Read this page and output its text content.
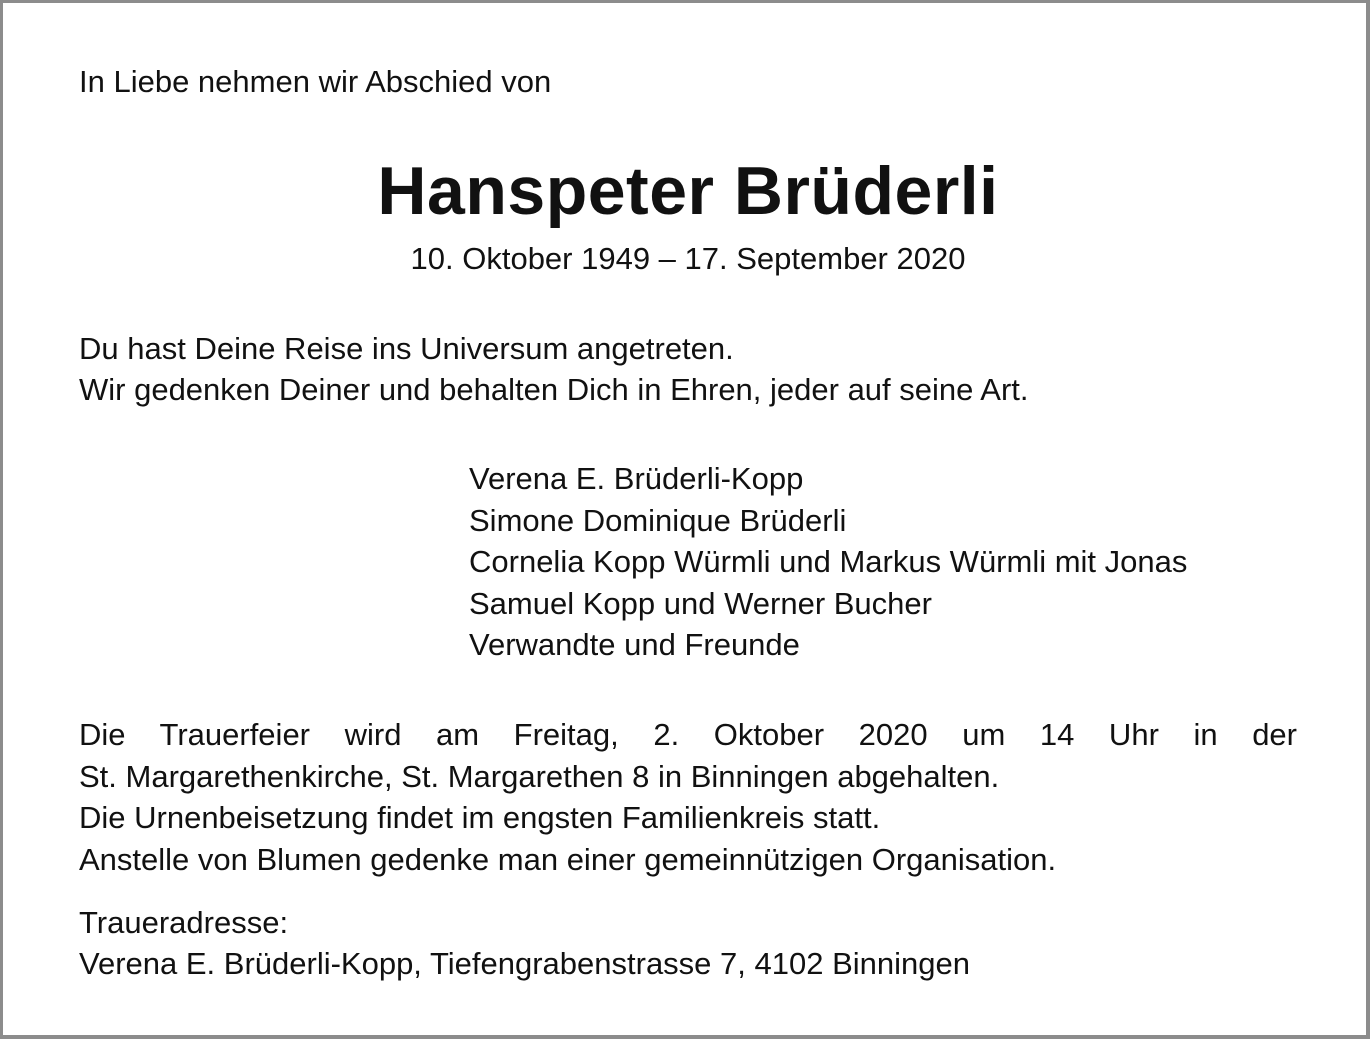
In Liebe nehmen wir Abschied von
Hanspeter Brüderli
10. Oktober 1949 – 17. September 2020
Du hast Deine Reise ins Universum angetreten.
Wir gedenken Deiner und behalten Dich in Ehren, jeder auf seine Art.
Verena E. Brüderli-Kopp
Simone Dominique Brüderli
Cornelia Kopp Würmli und Markus Würmli mit Jonas
Samuel Kopp und Werner Bucher
Verwandte und Freunde
Die Trauerfeier wird am Freitag, 2. Oktober 2020 um 14 Uhr in der
St. Margarethenkirche, St. Margarethen 8 in Binningen abgehalten.
Die Urnenbeisetzung findet im engsten Familienkreis statt.
Anstelle von Blumen gedenke man einer gemeinnützigen Organisation.
Traueradresse:
Verena E. Brüderli-Kopp, Tiefengrabenstrasse 7, 4102 Binningen
